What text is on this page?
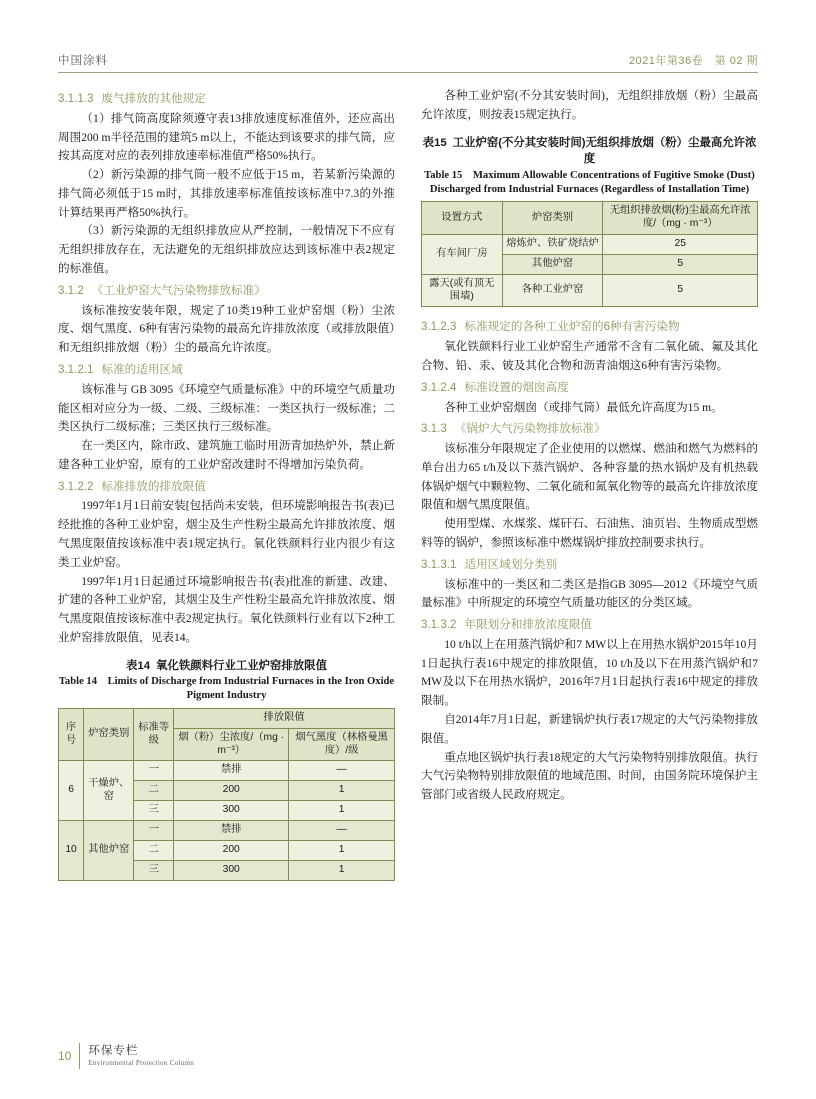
中国涂料	2021年第36卷　第 02 期
3.1.1.3 废气排放的其他规定

（1）排气筒高度除须遵守表13排放速度标准值外，还应高出周围200 m半径范围的建筑5 m以上，不能达到该要求的排气筒，应按其高度对应的表列排放速率标准值严格50%执行。

（2）新污染源的排气筒一般不应低于15 m，若某新污染源的排气筒必须低于15 m时，其排放速率标准值按该标准中7.3的外推计算结果再严格50%执行。

（3）新污染源的无组织排放应从严控制，一般情况下不应有无组织排放存在，无法避免的无组织排放应达到该标准中表2规定的标准值。

3.1.2 《工业炉窑大气污染物排放标准》

该标准按安装年限，规定了10类19种工业炉窑烟（粉）尘浓度、烟气黑度、6种有害污染物的最高允许排放浓度（或排放限值）和无组织排放烟（粉）尘的最高允许浓度。

3.1.2.1 标准的适用区域

该标准与 GB 3095《环境空气质量标准》中的环境空气质量功能区相对应分为一级、二级、三级标准：一类区执行一级标准；二类区执行二级标准；三类区执行三级标准。

在一类区内，除市政、建筑施工临时用沥青加热炉外，禁止新建各种工业炉窑，原有的工业炉窑改建时不得增加污染负荷。

3.1.2.2 标准排放的排放限值

1997年1月1日前安装[包括尚未安装，但环境影响报告书(表)已经批推的各种工业炉窑，烟尘及生产性粉尘最高允许排放浓度、烟气黑度限值按该标准中表1规定执行。氧化铁颜料行业内很少有这类工业炉窑。

1997年1月1日起通过环境影响报告书(表)批准的新建、改建、扩建的各种工业炉窑，其烟尘及生产性粉尘最高允许排放浓度、烟气黑度限值按该标准中表2规定执行。氧化铁颜料行业有以下2种工业炉窑排放限值，见表14。

表14 氧化铁颜料行业工业炉窑排放限值
Table 14　Limits of Discharge from Industrial Furnaces in the Iron Oxide Pigment Industry
序号	炉窑类别	标准等级	排放限值	
			烟（粉）尘浓度/（mg · m⁻³）	烟气黑度（林格曼黑度）/级
6	干燥炉、窑	一	禁排	—
		二	200	1
		三	300	1
10	其他炉窑	一	禁排	—
		二	200	1
		三	300	1

各种工业炉窑(不分其安装时间)，无组织排放烟（粉）尘最高允许浓度，则按表15规定执行。

表15 工业炉窑(不分其安装时间)无组织排放烟（粉）尘最高允许浓度
Table 15　Maximum Allowable Concentrations of Fugitive Smoke (Dust) Discharged from Industrial Furnaces (Regardless of Installation Time)
设置方式	炉窑类别	无组织排放烟(粉)尘最高允许浓度/（mg · m⁻³）
有车间厂房	熔炼炉、铁矿烧结炉	25
	其他炉窑	5
露天(或有顶无围墙)	各种工业炉窑	5
3.1.2.3 标准规定的各种工业炉窑的6种有害污染物

氧化铁颜料行业工业炉窑生产通常不含有二氧化硫、氟及其化合物、铅、汞、铍及其化合物和沥青油烟这6种有害污染物。

3.1.2.4 标准设置的烟囱高度

各种工业炉窑烟囱（或排气筒）最低允许高度为15 m。

3.1.3 《锅炉大气污染物排放标准》

该标准分年限规定了企业使用的以燃煤、燃油和燃气为燃料的单台出力65 t/h及以下蒸汽锅炉、各种容量的热水锅炉及有机热载体锅炉烟气中颗粒物、二氧化硫和氮氧化物等的最高允许排放浓度限值和烟气黑度限值。

使用型煤、水煤浆、煤矸石、石油焦、油页岩、生物质成型燃料等的锅炉，参照该标准中燃煤锅炉排放控制要求执行。

3.1.3.1 适用区域划分类别

该标准中的一类区和二类区是指GB 3095—2012《环境空气质量标准》中所规定的环境空气质量功能区的分类区域。

3.1.3.2 年限划分和排放浓度限值

10 t/h以上在用蒸汽锅炉和7 MW以上在用热水锅炉2015年10月1日起执行表16中规定的排放限值，10 t/h及以下在用蒸汽锅炉和7 MW及以下在用热水锅炉，2016年7月1日起执行表16中规定的排放限制。

自2014年7月1日起，新建锅炉执行表17规定的大气污染物排放限值。

重点地区锅炉执行表18规定的大气污染物特别排放限值。执行大气污染物特别排放限值的地域范围、时间，由国务院环境保护主管部门或省级人民政府规定。

10 环保专栏
Environmental Protection Column
